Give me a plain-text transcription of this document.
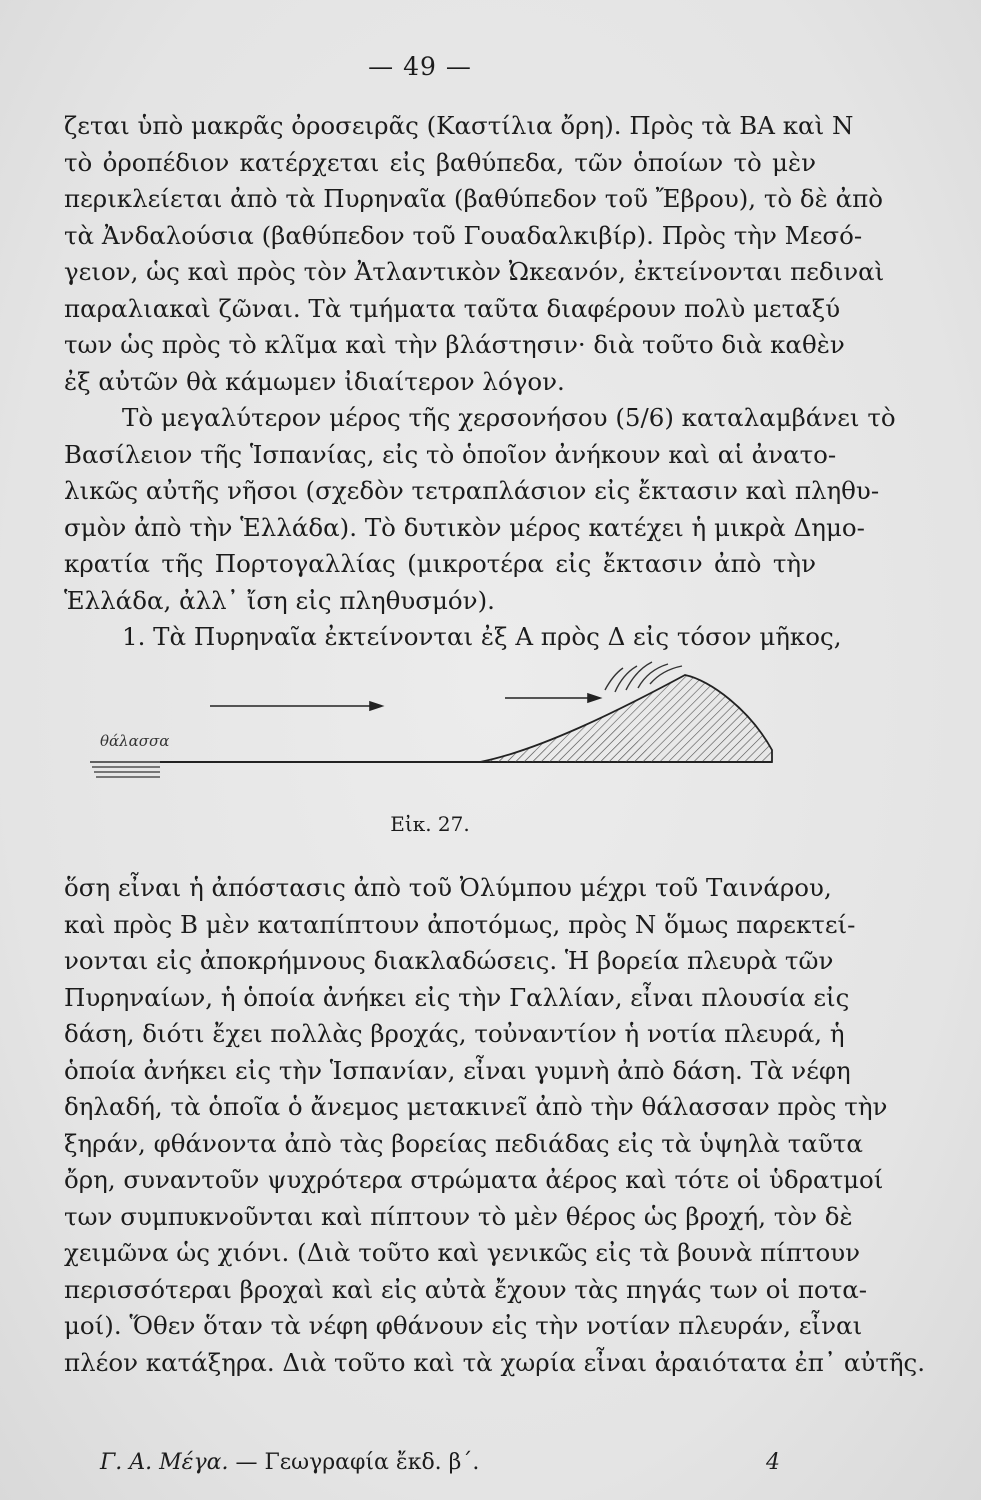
— 49 —
ζεται ὑπὸ μακρᾶς ὀροσειρᾶς (Καστίλια ὄρη). Πρὸς τὰ ΒΑ καὶ Ν
τὸ ὀροπέδιον κατέρχεται εἰς βαθύπεδα, τῶν ὁποίων τὸ μὲν
περικλείεται ἀπὸ τὰ Πυρηναῖα (βαθύπεδον τοῦ Ἔβρου), τὸ δὲ ἀπὸ
τὰ Ἀνδαλούσια (βαθύπεδον τοῦ Γουαδαλκιβίρ). Πρὸς τὴν Μεσό-
γειον, ὡς καὶ πρὸς τὸν Ἀτλαντικὸν Ὠκεανόν, ἐκτείνονται πεδιναὶ
παραλιακαὶ ζῶναι. Τὰ τμήματα ταῦτα διαφέρουν πολὺ μεταξύ
των ὡς πρὸς τὸ κλῖμα καὶ τὴν βλάστησιν· διὰ τοῦτο διὰ καθὲν
ἐξ αὐτῶν θὰ κάμωμεν ἰδιαίτερον λόγον.
Τὸ μεγαλύτερον μέρος τῆς χερσονήσου (5/6) καταλαμβάνει τὸ
Βασίλειον τῆς Ἱσπανίας, εἰς τὸ ὁποῖον ἀνήκουν καὶ αἱ ἀνατο-
λικῶς αὐτῆς νῆσοι (σχεδὸν τετραπλάσιον εἰς ἔκτασιν καὶ πληθυ-
σμὸν ἀπὸ τὴν Ἑλλάδα). Τὸ δυτικὸν μέρος κατέχει ἡ μικρὰ Δημο-
κρατία τῆς Πορτογαλλίας (μικροτέρα εἰς ἔκτασιν ἀπὸ τὴν
Ἑλλάδα, ἀλλ᾽ ἴση εἰς πληθυσμόν).
1. Τὰ Πυρηναῖα ἐκτείνονται ἐξ Α πρὸς Δ εἰς τόσον μῆκος,
θάλασσα
Εἰκ. 27.
ὅση εἶναι ἡ ἀπόστασις ἀπὸ τοῦ Ὀλύμπου μέχρι τοῦ Ταινάρου,
καὶ πρὸς Β μὲν καταπίπτουν ἀποτόμως, πρὸς Ν ὅμως παρεκτεί-
νονται εἰς ἀποκρήμνους διακλαδώσεις. Ἡ βορεία πλευρὰ τῶν
Πυρηναίων, ἡ ὁποία ἀνήκει εἰς τὴν Γαλλίαν, εἶναι πλουσία εἰς
δάση, διότι ἔχει πολλὰς βροχάς, τοὐναντίον ἡ νοτία πλευρά, ἡ
ὁποία ἀνήκει εἰς τὴν Ἱσπανίαν, εἶναι γυμνὴ ἀπὸ δάση. Τὰ νέφη
δηλαδή, τὰ ὁποῖα ὁ ἄνεμος μετακινεῖ ἀπὸ τὴν θάλασσαν πρὸς τὴν
ξηράν, φθάνοντα ἀπὸ τὰς βορείας πεδιάδας εἰς τὰ ὑψηλὰ ταῦτα
ὄρη, συναντοῦν ψυχρότερα στρώματα ἀέρος καὶ τότε οἱ ὑδρατμοί
των συμπυκνοῦνται καὶ πίπτουν τὸ μὲν θέρος ὡς βροχή, τὸν δὲ
χειμῶνα ὡς χιόνι. (Διὰ τοῦτο καὶ γενικῶς εἰς τὰ βουνὰ πίπτουν
περισσότεραι βροχαὶ καὶ εἰς αὐτὰ ἔχουν τὰς πηγάς των οἱ ποτα-
μοί). Ὅθεν ὅταν τὰ νέφη φθάνουν εἰς τὴν νοτίαν πλευράν, εἶναι
πλέον κατάξηρα. Διὰ τοῦτο καὶ τὰ χωρία εἶναι ἀραιότατα ἐπ᾽ αὐτῆς.
Γ. Α. Μέγα. — Γεωγραφία ἔκδ. β΄.	4
